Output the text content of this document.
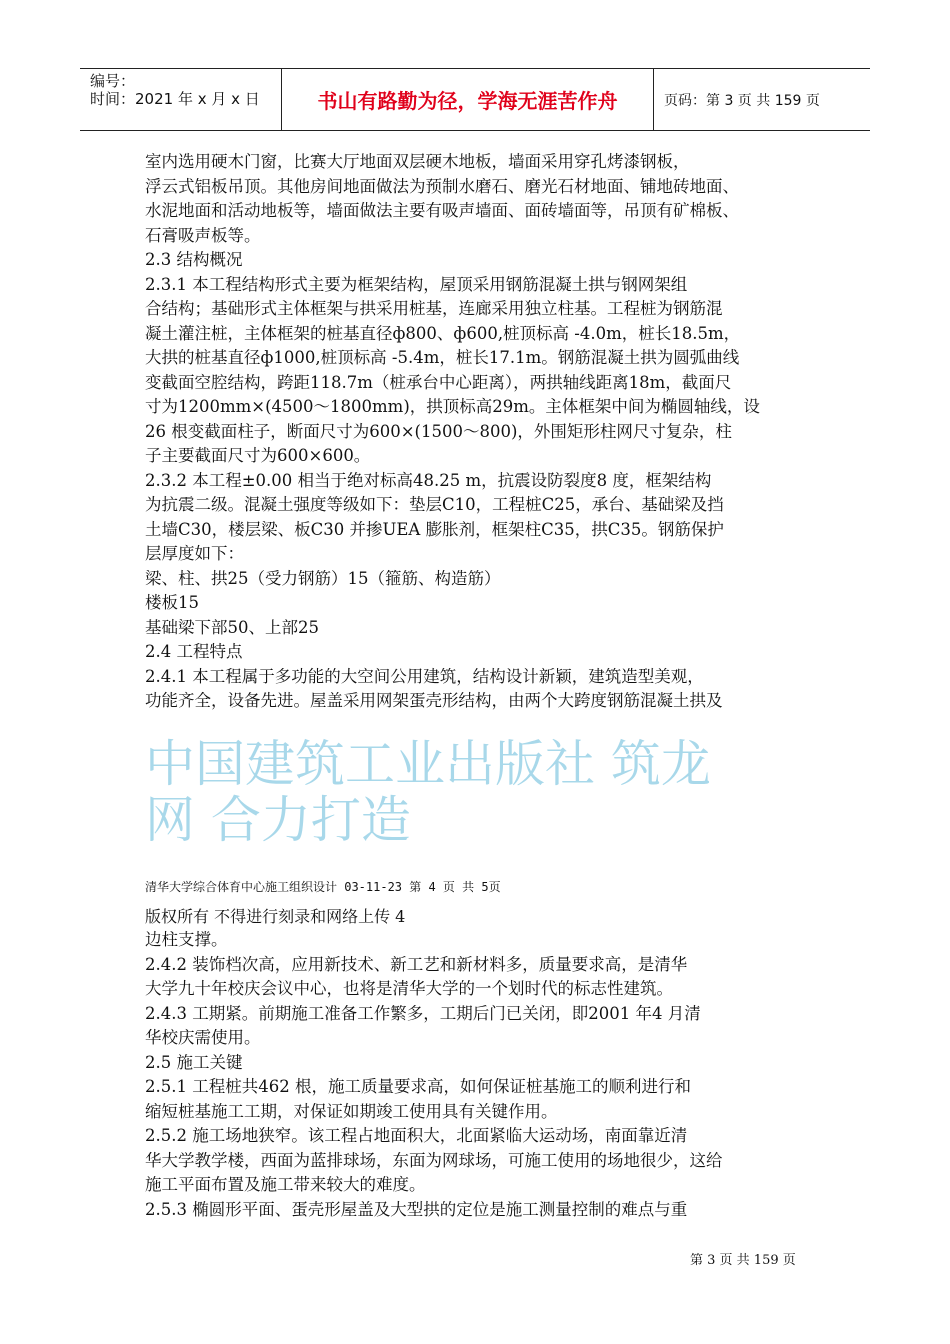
编号：
时间：2021 年 x 月 x 日	书山有路勤为径，学海无涯苦作舟	页码：第 3 页 共 159 页
室内选用硬木门窗，比赛大厅地面双层硬木地板，墙面采用穿孔烤漆钢板，
浮云式铝板吊顶。其他房间地面做法为预制水磨石、磨光石材地面、铺地砖地面、
水泥地面和活动地板等，墙面做法主要有吸声墙面、面砖墙面等，吊顶有矿棉板、
石膏吸声板等。
2.3 结构概况
2.3.1 本工程结构形式主要为框架结构，屋顶采用钢筋混凝土拱与钢网架组
合结构；基础形式主体框架与拱采用桩基，连廊采用独立柱基。工程桩为钢筋混
凝土灌注桩，主体框架的桩基直径ф800、ф600,桩顶标高 -4.0m，桩长18.5m，
大拱的桩基直径ф1000,桩顶标高 -5.4m，桩长17.1m。钢筋混凝土拱为圆弧曲线
变截面空腔结构，跨距118.7m（桩承台中心距离），两拱轴线距离18m，截面尺
寸为1200mm×(4500～1800mm)，拱顶标高29m。主体框架中间为椭圆轴线，设
26 根变截面柱子，断面尺寸为600×(1500～800)，外围矩形柱网尺寸复杂，柱
子主要截面尺寸为600×600。
2.3.2 本工程±0.00 相当于绝对标高48.25 m，抗震设防裂度8 度，框架结构
为抗震二级。混凝土强度等级如下：垫层C10，工程桩C25，承台、基础梁及挡
土墙C30，楼层梁、板C30 并掺UEA 膨胀剂，框架柱C35，拱C35。钢筋保护
层厚度如下：
梁、柱、拱25（受力钢筋）15（箍筋、构造筋）
楼板15
基础梁下部50、上部25
2.4 工程特点
2.4.1 本工程属于多功能的大空间公用建筑，结构设计新颖，建筑造型美观，
功能齐全，设备先进。屋盖采用网架蛋壳形结构，由两个大跨度钢筋混凝土拱及
中国建筑工业出版社 筑龙
网 合力打造
清华大学综合体育中心施工组织设计 03-11-23 第 4 页 共 5页
版权所有 不得进行刻录和网络上传 4
边柱支撑。
2.4.2 装饰档次高，应用新技术、新工艺和新材料多，质量要求高，是清华
大学九十年校庆会议中心，也将是清华大学的一个划时代的标志性建筑。
2.4.3 工期紧。前期施工准备工作繁多，工期后门已关闭，即2001 年4 月清
华校庆需使用。
2.5 施工关键
2.5.1 工程桩共462 根，施工质量要求高，如何保证桩基施工的顺利进行和
缩短桩基施工工期，对保证如期竣工使用具有关键作用。
2.5.2 施工场地狭窄。该工程占地面积大，北面紧临大运动场，南面靠近清
华大学教学楼，西面为蓝排球场，东面为网球场，可施工使用的场地很少，这给
施工平面布置及施工带来较大的难度。
2.5.3 椭圆形平面、蛋壳形屋盖及大型拱的定位是施工测量控制的难点与重
第 3 页 共 159 页
